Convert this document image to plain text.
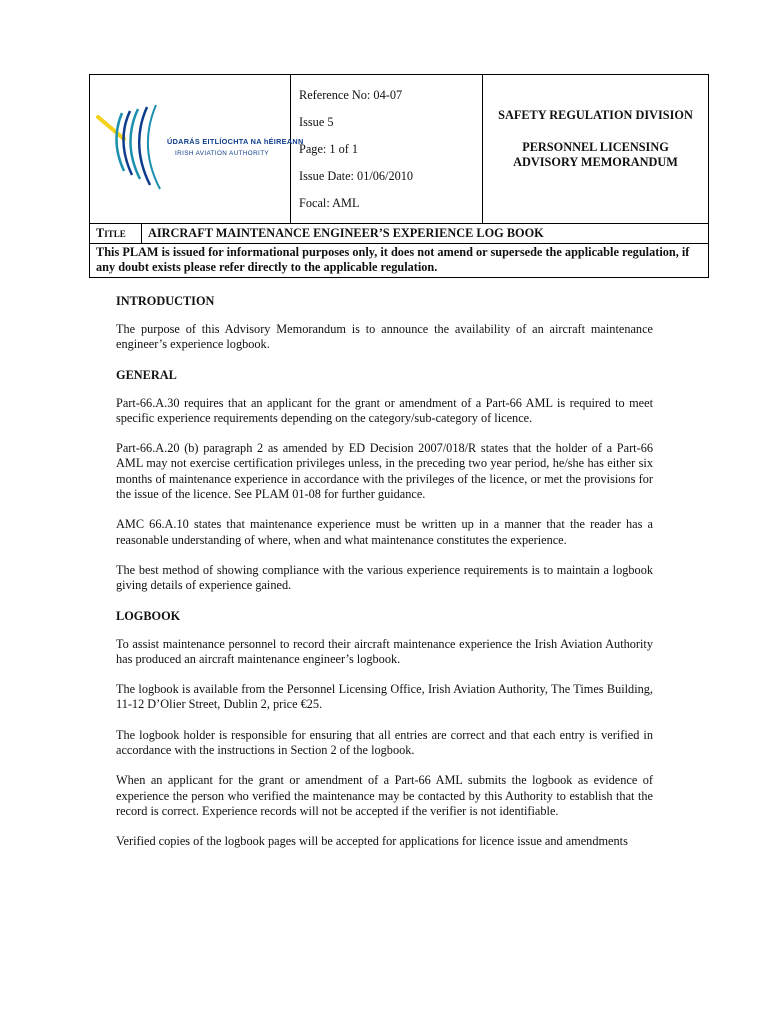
ÚDARÁS EITLÍOCHTA NA hÉIREANN
IRISH AVIATION AUTHORITY
Reference No: 04-07
Issue 5
Page: 1 of 1
Issue Date: 01/06/2010
Focal: AML
SAFETY REGULATION DIVISION
PERSONNEL LICENSING
ADVISORY MEMORANDUM
Title	AIRCRAFT MAINTENANCE ENGINEER’S EXPERIENCE LOG BOOK
This PLAM is issued for informational purposes only, it does not amend or supersede the applicable regulation, if any doubt exists please refer directly to the applicable regulation.
INTRODUCTION

The purpose of this Advisory Memorandum is to announce the availability of an aircraft maintenance engineer’s experience logbook.

GENERAL

Part-66.A.30 requires that an applicant for the grant or amendment of a Part-66 AML is required to meet specific experience requirements depending on the category/sub-category of licence.

Part-66.A.20 (b) paragraph 2 as amended by ED Decision 2007/018/R states that the holder of a Part-66 AML may not exercise certification privileges unless, in the preceding two year period, he/she has either six months of maintenance experience in accordance with the privileges of the licence, or met the provisions for the issue of the licence. See PLAM 01-08 for further guidance.

AMC 66.A.10 states that maintenance experience must be written up in a manner that the reader has a reasonable understanding of where, when and what maintenance constitutes the experience.

The best method of showing compliance with the various experience requirements is to maintain a logbook giving details of experience gained.

LOGBOOK

To assist maintenance personnel to record their aircraft maintenance experience the Irish Aviation Authority has produced an aircraft maintenance engineer’s logbook.

The logbook is available from the Personnel Licensing Office, Irish Aviation Authority, The Times Building, 11-12 D’Olier Street, Dublin 2, price €25.

The logbook holder is responsible for ensuring that all entries are correct and that each entry is verified in accordance with the instructions in Section 2 of the logbook.

When an applicant for the grant or amendment of a Part-66 AML submits the logbook as evidence of experience the person who verified the maintenance may be contacted by this Authority to establish that the record is correct. Experience records will not be accepted if the verifier is not identifiable.

Verified copies of the logbook pages will be accepted for applications for licence issue and amendments
